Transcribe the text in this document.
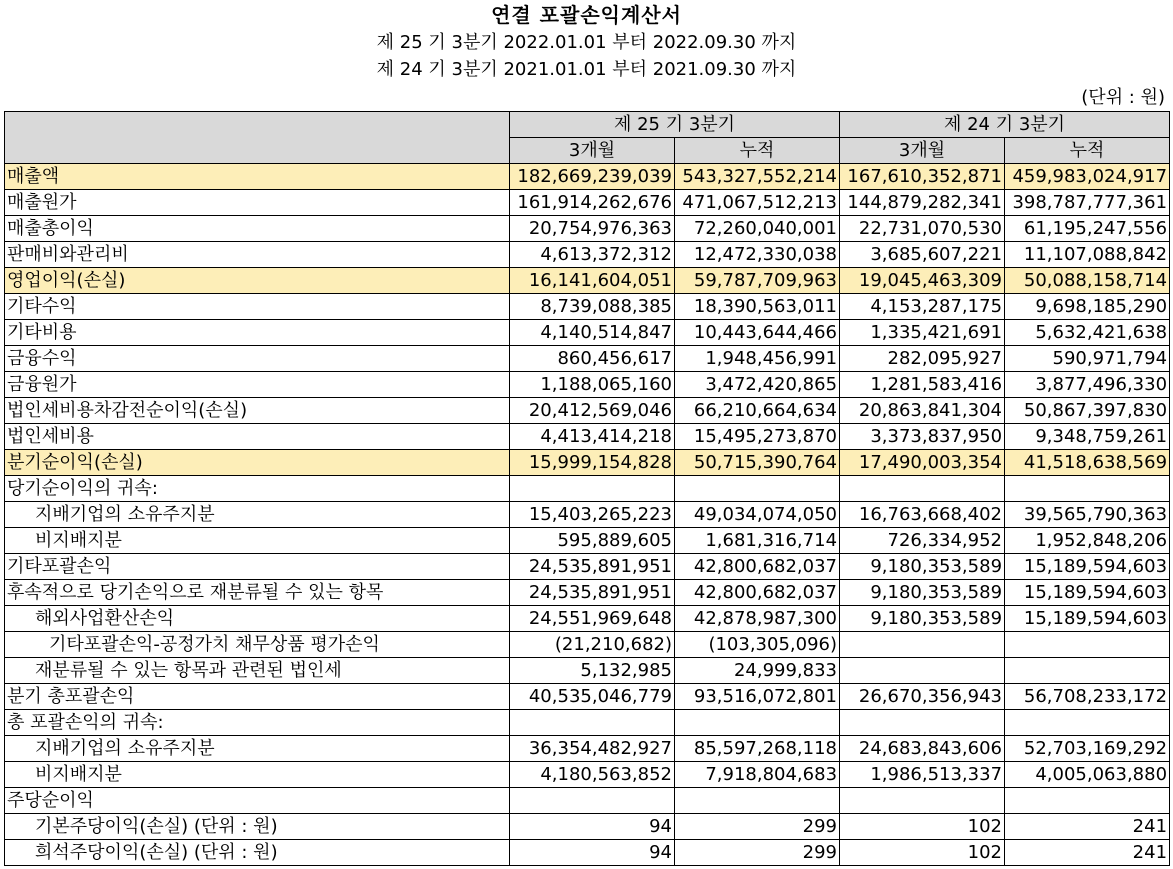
연결 포괄손익계산서
제 25 기 3분기 2022.01.01 부터 2022.09.30 까지
제 24 기 3분기 2021.01.01 부터 2021.09.30 까지
(단위 : 원)
	제 25 기 3분기		제 24 기 3분기	
	3개월	누적	3개월	누적
매출액	182,669,239,039	543,327,552,214	167,610,352,871	459,983,024,917
매출원가	161,914,262,676	471,067,512,213	144,879,282,341	398,787,777,361
매출총이익	20,754,976,363	72,260,040,001	22,731,070,530	61,195,247,556
판매비와관리비	4,613,372,312	12,472,330,038	3,685,607,221	11,107,088,842
영업이익(손실)	16,141,604,051	59,787,709,963	19,045,463,309	50,088,158,714
기타수익	8,739,088,385	18,390,563,011	4,153,287,175	9,698,185,290
기타비용	4,140,514,847	10,443,644,466	1,335,421,691	5,632,421,638
금융수익	860,456,617	1,948,456,991	282,095,927	590,971,794
금융원가	1,188,065,160	3,472,420,865	1,281,583,416	3,877,496,330
법인세비용차감전순이익(손실)	20,412,569,046	66,210,664,634	20,863,841,304	50,867,397,830
법인세비용	4,413,414,218	15,495,273,870	3,373,837,950	9,348,759,261
분기순이익(손실)	15,999,154,828	50,715,390,764	17,490,003,354	41,518,638,569
당기순이익의 귀속:				
지배기업의 소유주지분	15,403,265,223	49,034,074,050	16,763,668,402	39,565,790,363
비지배지분	595,889,605	1,681,316,714	726,334,952	1,952,848,206
기타포괄손익	24,535,891,951	42,800,682,037	9,180,353,589	15,189,594,603
후속적으로 당기손익으로 재분류될 수 있는 항목	24,535,891,951	42,800,682,037	9,180,353,589	15,189,594,603
해외사업환산손익	24,551,969,648	42,878,987,300	9,180,353,589	15,189,594,603
기타포괄손익-공정가치 채무상품 평가손익	(21,210,682)	(103,305,096)		
재분류될 수 있는 항목과 관련된 법인세	5,132,985	24,999,833		
분기 총포괄손익	40,535,046,779	93,516,072,801	26,670,356,943	56,708,233,172
총 포괄손익의 귀속:				
지배기업의 소유주지분	36,354,482,927	85,597,268,118	24,683,843,606	52,703,169,292
비지배지분	4,180,563,852	7,918,804,683	1,986,513,337	4,005,063,880
주당순이익				
기본주당이익(손실) (단위 : 원)	94	299	102	241
희석주당이익(손실) (단위 : 원)	94	299	102	241
